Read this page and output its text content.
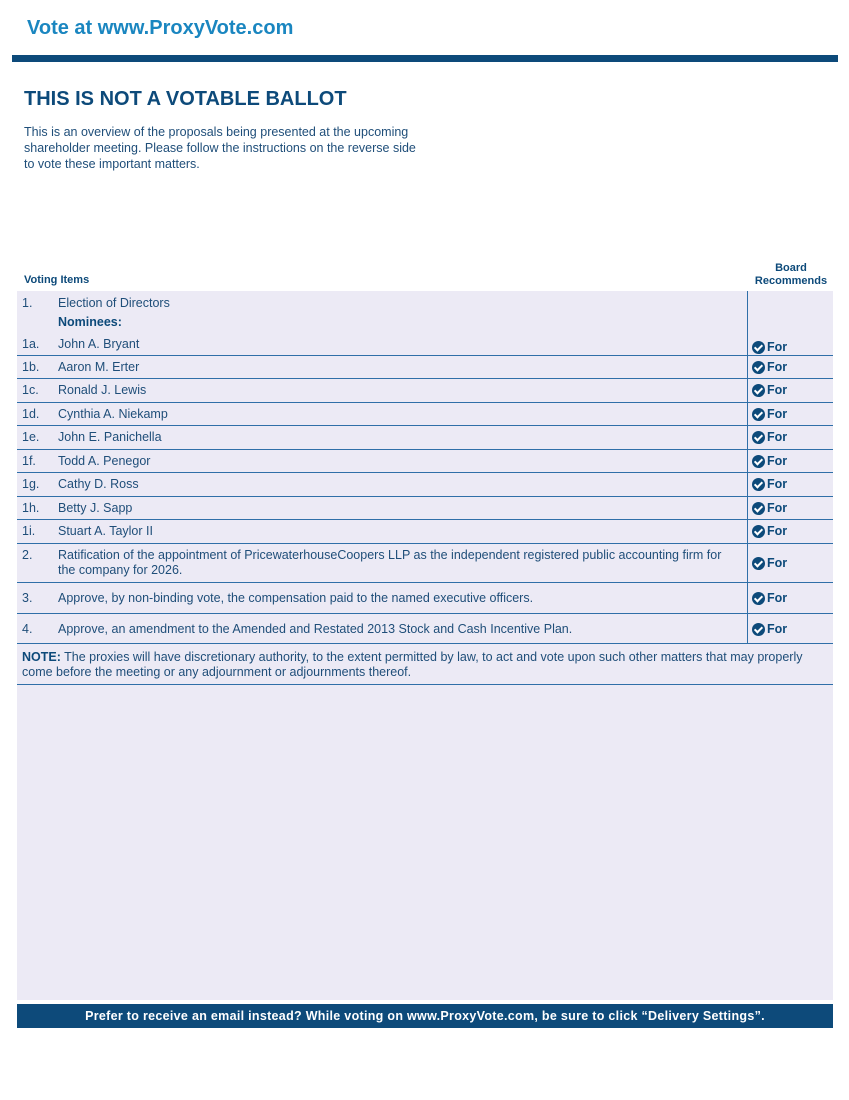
Vote at www.ProxyVote.com
THIS IS NOT A VOTABLE BALLOT
This is an overview of the proposals being presented at the upcoming shareholder meeting. Please follow the instructions on the reverse side to vote these important matters.
Voting Items
Board Recommends
1. Election of Directors
Nominees:
1a. John A. Bryant	For
1b. Aaron M. Erter	For
1c. Ronald J. Lewis	For
1d. Cynthia A. Niekamp	For
1e. John E. Panichella	For
1f. Todd A. Penegor	For
1g. Cathy D. Ross	For
1h. Betty J. Sapp	For
1i. Stuart A. Taylor II	For
2. Ratification of the appointment of PricewaterhouseCoopers LLP as the independent registered public accounting firm for the company for 2026.	For
3. Approve, by non-binding vote, the compensation paid to the named executive officers.	For
4. Approve, an amendment to the Amended and Restated 2013 Stock and Cash Incentive Plan.	For
NOTE: The proxies will have discretionary authority, to the extent permitted by law, to act and vote upon such other matters that may properly come before the meeting or any adjournment or adjournments thereof.
Prefer to receive an email instead? While voting on www.ProxyVote.com, be sure to click “Delivery Settings”.
